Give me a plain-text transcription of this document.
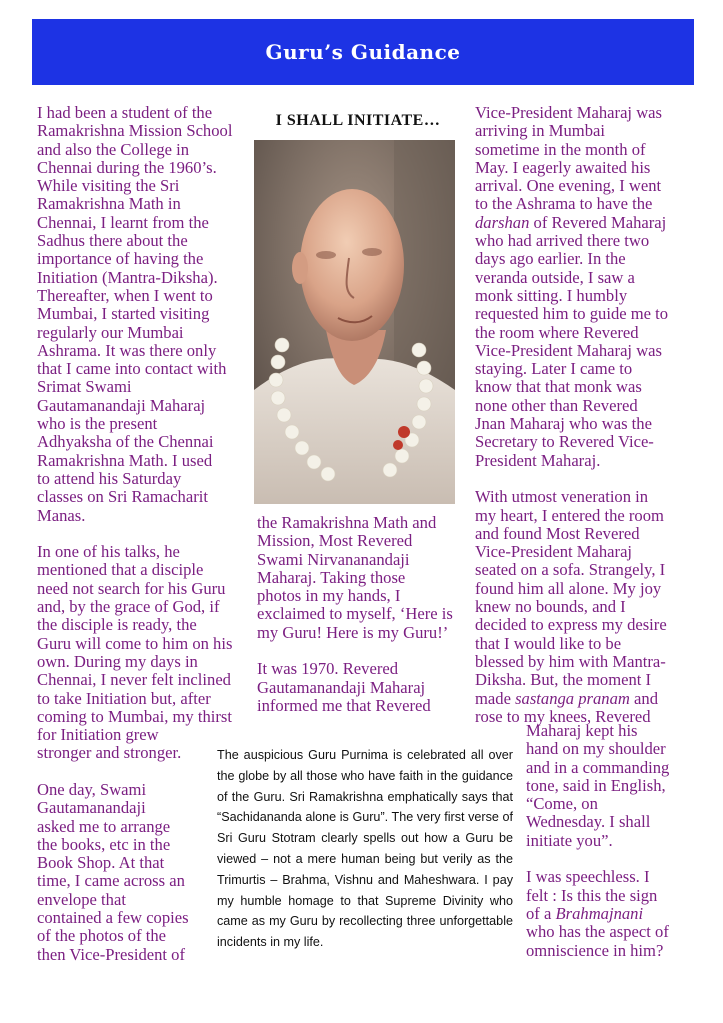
Guru’s Guidance
I SHALL INITIATE…
I had been a student of the
Ramakrishna Mission School
and also the College in
Chennai during the 1960’s.
While visiting the Sri
Ramakrishna Math in
Chennai, I learnt from the
Sadhus there about the
importance of having the
Initiation (Mantra-Diksha).
Thereafter, when I went to
Mumbai, I started visiting
regularly our Mumbai
Ashrama. It was there only
that I came into contact with
Srimat Swami
Gautamanandaji Maharaj
who is the present
Adhyaksha of the Chennai
Ramakrishna Math. I used
to attend his Saturday
classes on Sri Ramacharit
Manas.

In one of his talks, he
mentioned that a disciple
need not search for his Guru
and, by the grace of God, if
the disciple is ready, the
Guru will come to him on his
own. During my days in
Chennai, I never felt inclined
to take Initiation but, after
coming to Mumbai, my thirst
for Initiation grew
stronger and stronger.

One day, Swami
Gautamanandaji
asked me to arrange
the books, etc in the
Book Shop. At that
time, I came across an
envelope that
contained a few copies
of the photos of the
then Vice-President of
the Ramakrishna Math and
Mission, Most Revered
Swami Nirvananandaji
Maharaj. Taking those
photos in my hands, I
exclaimed to myself, ‘Here is
my Guru! Here is my Guru!’

It was 1970. Revered
Gautamanandaji Maharaj
informed me that Revered
Vice-President Maharaj was
arriving in Mumbai
sometime in the month of
May. I eagerly awaited his
arrival. One evening, I went
to the Ashrama to have the
darshan of Revered Maharaj
who had arrived there two
days ago earlier. In the
veranda outside, I saw a
monk sitting. I humbly
requested him to guide me to
the room where Revered
Vice-President Maharaj was
staying. Later I came to
know that that monk was
none other than Revered
Jnan Maharaj who was the
Secretary to Revered Vice-
President Maharaj.

With utmost veneration in
my heart, I entered the room
and found Most Revered
Vice-President Maharaj
seated on a sofa. Strangely, I
found him all alone. My joy
knew no bounds, and I
decided to express my desire
that I would like to be
blessed by him with Mantra-
Diksha. But, the moment I
made sastanga pranam and
rose to my knees, Revered
Maharaj kept his
hand on my shoulder
and in a commanding
tone, said in English,
“Come, on
Wednesday. I shall
initiate you”.

I was speechless. I
felt : Is this the sign
of a Brahmajnani
who has the aspect of
omniscience in him?
The auspicious Guru Purnima is celebrated all over the globe by all those who have faith in the guidance of the Guru. Sri Ramakrishna emphatically says that “Sachidananda alone is Guru”. The very first verse of Sri Guru Stotram clearly spells out how a Guru be viewed – not a mere human being but verily as the Trimurtis – Brahma, Vishnu and Maheshwara. I pay my humble homage to that Supreme Divinity who came as my Guru by recollecting three unforgettable incidents in my life.
